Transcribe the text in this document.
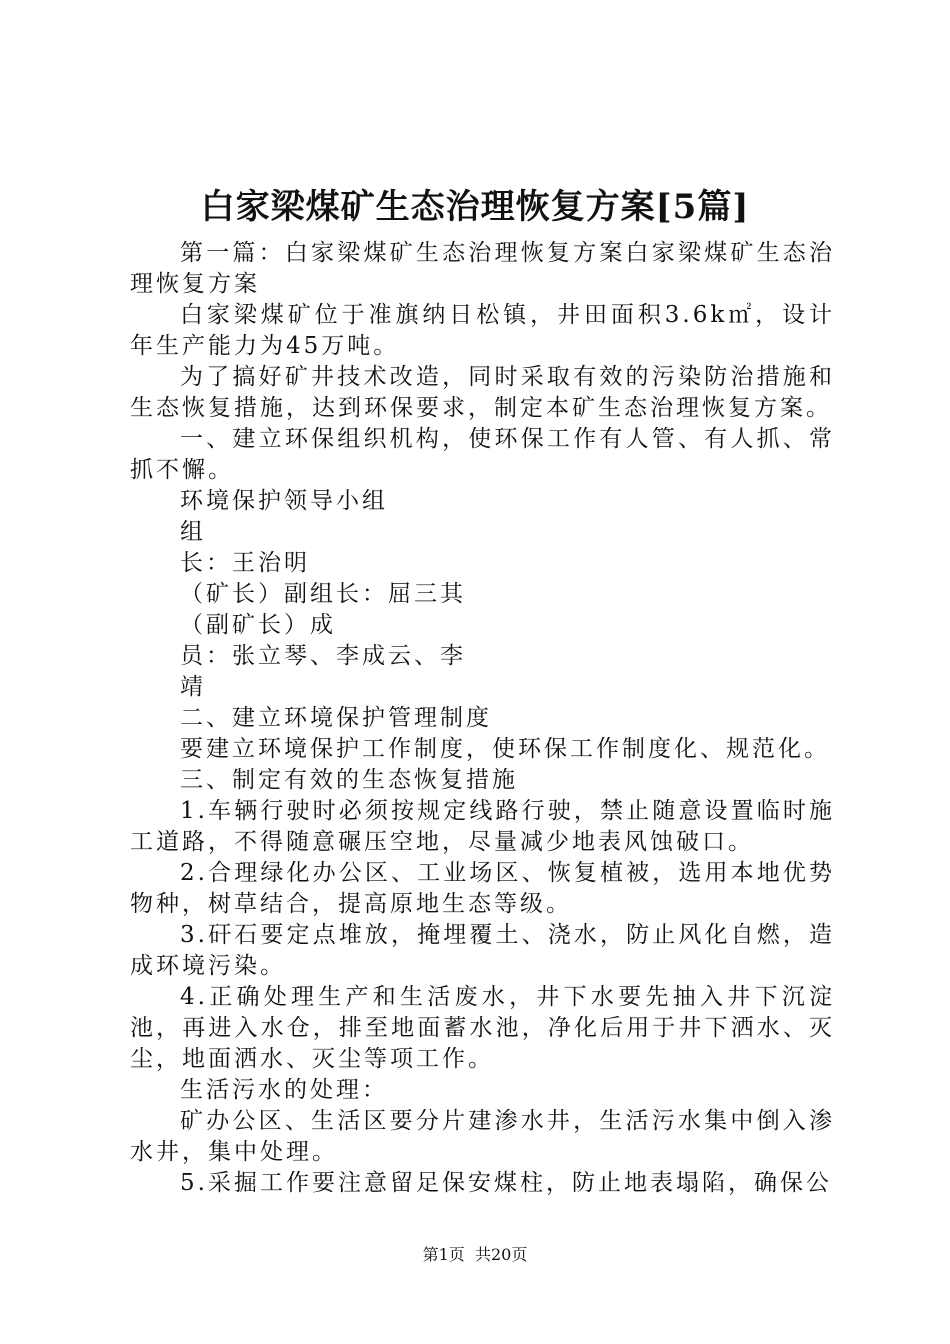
白家梁煤矿生态治理恢复方案[5篇]

第一篇：白家梁煤矿生态治理恢复方案白家梁煤矿生态治理恢复方案

白家梁煤矿位于准旗纳日松镇，井田面积3.6k㎡，设计年生产能力为45万吨。

为了搞好矿井技术改造，同时采取有效的污染防治措施和生态恢复措施，达到环保要求，制定本矿生态治理恢复方案。

一、建立环保组织机构，使环保工作有人管、有人抓、常抓不懈。

环境保护领导小组

组

长：王治明

（矿长）副组长：屈三其

（副矿长）成

员：张立琴、李成云、李

靖

二、建立环境保护管理制度

要建立环境保护工作制度，使环保工作制度化、规范化。

三、制定有效的生态恢复措施

1.车辆行驶时必须按规定线路行驶，禁止随意设置临时施工道路，不得随意碾压空地，尽量减少地表风蚀破口。

2.合理绿化办公区、工业场区、恢复植被，选用本地优势物种，树草结合，提高原地生态等级。

3.矸石要定点堆放，掩埋覆土、浇水，防止风化自燃，造成环境污染。

4.正确处理生产和生活废水，井下水要先抽入井下沉淀池，再进入水仓，排至地面蓄水池，净化后用于井下洒水、灭尘，地面洒水、灭尘等项工作。

生活污水的处理：

矿办公区、生活区要分片建渗水井，生活污水集中倒入渗水井，集中处理。

5.采掘工作要注意留足保安煤柱，防止地表塌陷，确保公

第1页 共20页
